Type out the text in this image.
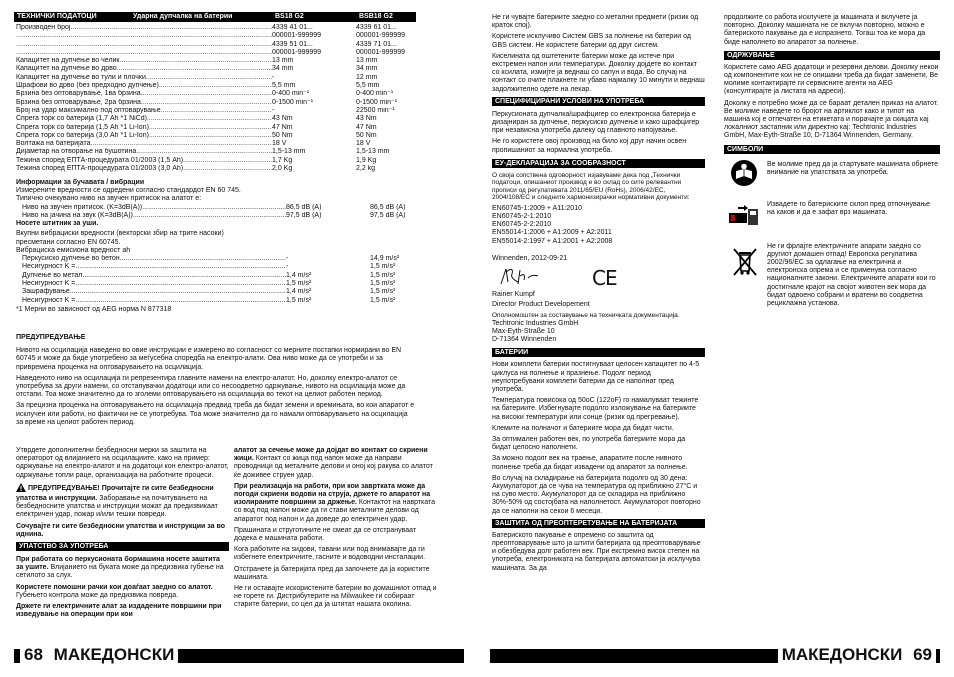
ТЕХНИЧКИ ПОДАТОЦИ	Ударна дупчалка на батерии	BS18 G2	BSB18 G2
Производен број .....	4339 41 01...	4339 61 01...
.....
000001-999999	000001-999999
.....
4339 51 01...	4339 71 01...
.....
000001-999999	000001-999999
Капацитет на дупчење во челик .....	13 mm	13 mm
Капацитет на дупчење во дрво .....	34 mm	34 mm
Капацитет на дупчење во тули и плочки .....	-	12 mm
Шрафови во дрво (без предходно дупчење) .....	5,5 mm	5,5 mm
Брзина без оптоварување, 1ва брзина .....	0-400 min⁻¹	0-400 min⁻¹
Брзина без оптоварување, 2ра брзина .....	0-1500 min⁻¹	0-1500 min⁻¹
Број на удар максимално под оптоварување .....	-	22500 min⁻¹
Спрега торк со батерија (1,7 Ah *1 NiCd) .....	43 Nm	43 Nm
Спрега торк со батерија (1,5 Ah *1 Li-Ion) .....	47 Nm	47 Nm
Спрега торк со батерија (3,0 Ah *1 Li-Ion) .....	50 Nm	50 Nm
Волтажа на батеријата .....	18 V	18 V
Дијаметар на отворање на бушотина .....	1,5-13 mm	1,5-13 mm
Тежина според ЕПТА-процедурата 01/2003 (1,5 Ah) .....	1,7 Kg	1,9 Kg
Тежина според ЕПТА-процедурата 01/2003 (3,0 Ah) .....	2,0 Kg	2,2 kg
Информации за бучавата / вибрации
Измерените вредности се одредени согласно стандардот EN 60 745.
Типично очекувано ниво на звучен притисок на алатот е:
Ниво на звучен притисок. (K=3dB(A)) .....	86,5 dB (A)	86,5 dB (A)
Ниво на јачина на звук (K=3dB(A)) .....	97,5 dB (A)	97,5 dB (A)
Носете штитник за уши.
Вкупни вибрациски вредности (векторски збир на трите насоки) пресметани согласно EN 60745.
Вибрациска емисиона вредност ah
Перкусиско дупчење во бетон .....	-	14,9 m/s²
Несигурност K = .....	-	1,5 m/s²
Дупчење во метал .....	1,4 m/s²	1,5 m/s²
Несигурност K = .....	1,5 m/s²	1,5 m/s²
Зашрафување .....	1,4 m/s²	1,5 m/s²
Несигурност K = .....	1,5 m/s²	1,5 m/s²
*1 Мерни во зависност од AEG норма N 877318
ПРЕДУПРЕДУВАЊЕ

Нивото на осцилација наведено во овие инструкции е измерено во согласност со мерните постапки нормирани во EN 60745 и може да биде употребено за меѓусебна споредба на електро-алати. Ова ниво може да се употреби и за привремена проценка на оптоварувањето на осцилација.

Наведеното ниво на осцилација ги репрезентира главните намени на електро-алатот. Но, доколку електро-алатот се употребува за други намени, со отстапувачки додатоци или со несоодветно одржување, нивото на осцилација може да отстапи. Тоа може значително да го зголеми оптоварувањето на осцилација во текот на целиот работен период.

За прецизна проценка на оптоварувањето на осцилација предвид треба да бидат земени и времињата, во кои апаратот е исклучен или работи, но фактички не се употребува. Тоа може значително да го намали оптоварувањето на осцилација за време на целиот работен период.

Утврдете дополнителни безбедносни мерки за заштита на операторот од влијанието на осцилациите, како на пример: одржување на електро-алатот и на додатоци кон електро-алатот, одржување топли раце, организација на работните процеси.

ПРЕДУПРЕДУВАЊЕ! Прочитајте ги сите безбедносни упатства и инструкции. Заборавање на почитувањето на безбедносните упатства и инструкции можат да предизвикаат електричен удар, пожар и/или тешки повреди.

Сочувајте ги сите безбедносни упатства и инструкции за во иднина.

УПАТСТВО ЗА УПОТРЕБА

При работата со перкусионата бормашина носете заштита за ушите. Влијанието на буката може да предизвика губење на сетилото за слух.

Користете помошни рачки кои доаѓаат заедно со алатот. Губењето контрола може да предизвика повреда.

Држете ги електричните алат за издадените површини при изведување на операции при кои

алатот за сечење може да дојдат во контакт со скриени жици. Контакт со жица под напон може да направи проводници од металните делови и оној кој ракува со алатот ќе доживее струен удар.

При реализација на работи, при кои завртката може да погоди скриени водови на струја, држете го апаратот на изолираните површини за држење. Контактот на навртката со вод под напон може да ги стави металните делови од апаратот под напон и да доведе до електричен удар.

Прашината и струготините не смеат да се отстрануваат додека е машината работи.

Кога работите на ѕидови, тавани или под внимавајте да ги избегнете електричните, гасните и водоводни инсталации.

Отстранете ја батеријата пред да започнете да ја користите машината.

Не ги оставајте искористените батерии во домашниот отпад и не горете ги. Дистрибутерите на Milwaukee ги собираат старите батерии, со цел да ја штитат нашата околина.

68 МАКЕДОНСКИ

Не ги чувајте батериите заедно со метални предмети (ризик од краток спој).

Користете исклучиво Систем GBS за полнење на батерии од GBS систем. Не користете батерии од друг систем.

Киселината од оштетените батерии може да истече при екстремен напон или температури. Доколку дојдете во контакт со ксилата, измијте ја веднаш со сапун и вода. Во случај на контакт со очите плакнете ги убаво најмалку 10 минути и веднаш задолжително одете на лекар.

СПЕЦИФИЦИРАНИ УСЛОВИ НА УПОТРЕБА

Перкусионата дупчалка/шрафцигер со електронска батерија е дизајниран за дупчење, перкусиско дупчење и како шрафцигер при независна употреба далеку од главното напојување.

Не го користете овој производ на било кој друг начин освен пропишаниот за нормална употреба.

ЕУ-ДЕКЛАРАЦИЈА ЗА СООБРАЗНОСТ

О своја сопствена одговорност изјавуваме дека под „Технички податоци, опишаниот производ е во склад со сите релевантни прописи од регулативата 2011/65/EU (RoHs), 2006/42/EC, 2004/108/EC и следните хармонизирачки нормативни документи:

EN60745-1:2009 + A11:2010
EN60745-2-1:2010
EN60745-2-2:2010
EN55014-1:2006 + A1:2009 + A2:2011
EN55014-2:1997 + A1:2001 + A2:2008
Winnenden, 2012-09-21
CE
Rainer Kumpf
Director Product Developement
Ополномоштен за составување на техничката документација.
Techtronic Industries GmbH
Max-Eyth-Straße 10
D-71364 Winnenden
БАТЕРИИ

Нови комплети батерии постигнуваат целосен капацитет по 4-5 циклуса на полнење и празнење. Подолг период неупотребувани комплети батерии да се наполнат пред употреба.

Температура повисока од 50oC (122oF) го намалуваат тежинте на батериите. Избегнувајте подолго изложување на батериите на високи температури или сонце (ризик од прегревање).

Клемите на полначот и батериите мора да бидат чисти.

За оптимален работен век, по употреба батериите мора да бидат целосно наполнети.

За можно подолг век на траење, апаратите после нивното полнење треба да бидат извадени од апаратот за полнење.

Во случај на складирање на батеријата подолго од 30 дена: Акумулаторот да се чува на температура од приближно 27°С и на суво место. Акумулаторот да се складира на приближно 30%-50% од состојбата на наполнетост. Акумулаторот повторно да се наполни на секои 6 месеци.

ЗАШТИТА ОД ПРЕОПТЕРЕТУВАЊЕ НА БАТЕРИЈАТА

Батериското пакување е опремено со заштита од преоптоварување што ја штити батеријата од преоптоварување и обезбедува долг работен век. При екстремно висок степен на употреба, електрониката на батеријата автоматски ја исклучува машината. За да

продолжите со работа исклучете ја машината и вклучете ја повторно. Доколку машината не се вклучи повторно, можно е батериското пакување да е испразнето. Тогаш тоа ке мора да биде наполнето во апаратот за полнење.

ОДРЖУВАЊЕ

Користете само AEG додатоци и резервни делови. Доколку некои од компонентите кои не се опишани треба да бидат заменети, Ве молиме контактирајте ги сервисните агенти на AEG (консултирајте ја листата на адреси).

Доколку е потребно може да се бараат детален приказ на алатот. Ве молиме наведете го бројот на артиклот како и типот на машина кој е отпечатен на етикетата и порачајте ја скицата кај локалниот застапник или директно кај: Techtronic Industries GmbH, Max-Eyth-Straße 10, D-71364 Winnenden, Germany.

СИМБОЛИ
Ве молиме пред да ја стартувате машината обрнете внимание на упатствата за употреба.
Извадете го батериските склоп пред отпочнување на каков и да е зафат врз машината.
Не ги фрлајте електричните апарати заедно со другиот домашен отпад! Европска регулатива 2002/96/EC за одлагање на електрична и електронска опрема и се применува согласно националните закони. Електричните апарати кои го достигнале крајот на својот животен век мора да бидат одвоено собрани и вратени во соодветна рециклажна установа.
МАКЕДОНСКИ 69
